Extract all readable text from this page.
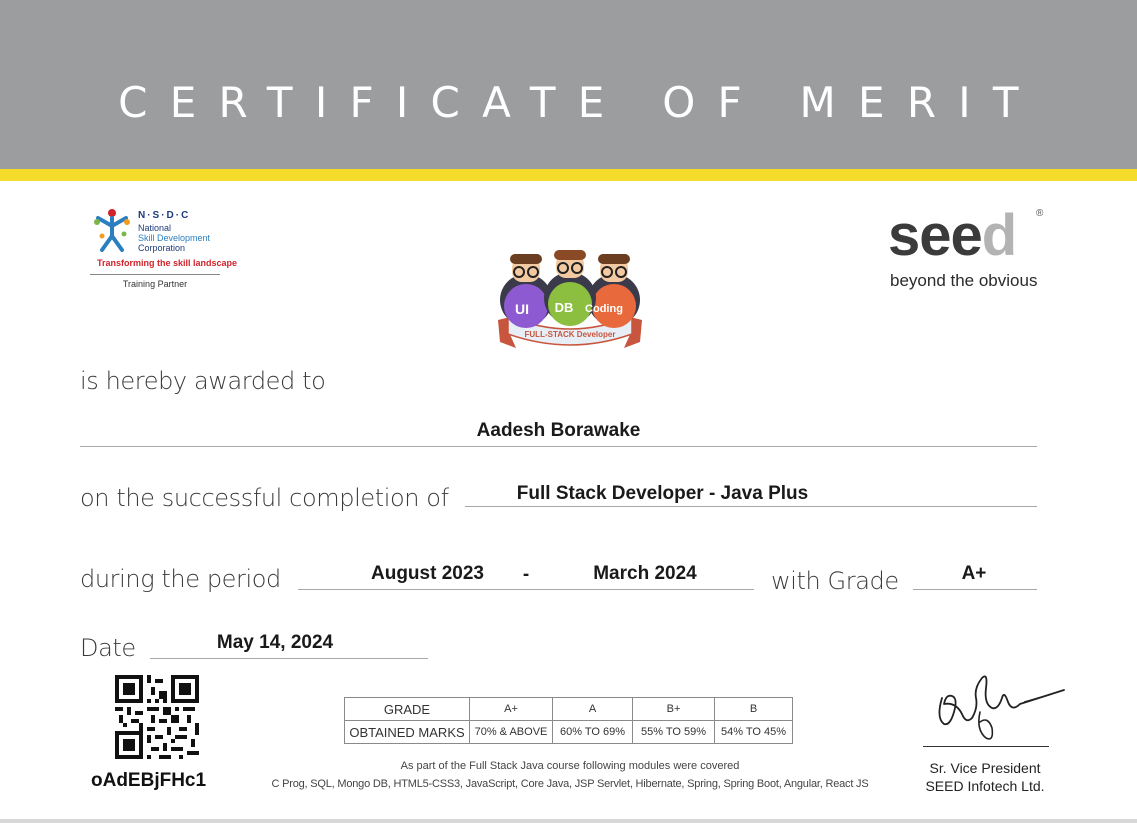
CERTIFICATE OF MERIT
N·S·D·C
National
Skill Development
Corporation
Transforming the skill landscape
Training Partner
seed ®
beyond the obvious
UI DB Coding
FULL-STACK Developer
is hereby awarded to
Aadesh Borawake
on the successful completion of	Full Stack Developer - Java Plus
during the period	August 2023	-	March 2024	with Grade	A+
Date	May 14, 2024
oAdEBjFHc1
GRADE	A+	A	B+	B
OBTAINED MARKS	70% & ABOVE	60% TO 69%	55% TO 59%	54% TO 45%
As part of the Full Stack Java course following modules were covered
C Prog, SQL, Mongo DB, HTML5-CSS3, JavaScript, Core Java, JSP Servlet, Hibernate, Spring, Spring Boot, Angular, React JS
Sr. Vice President
SEED Infotech Ltd.
